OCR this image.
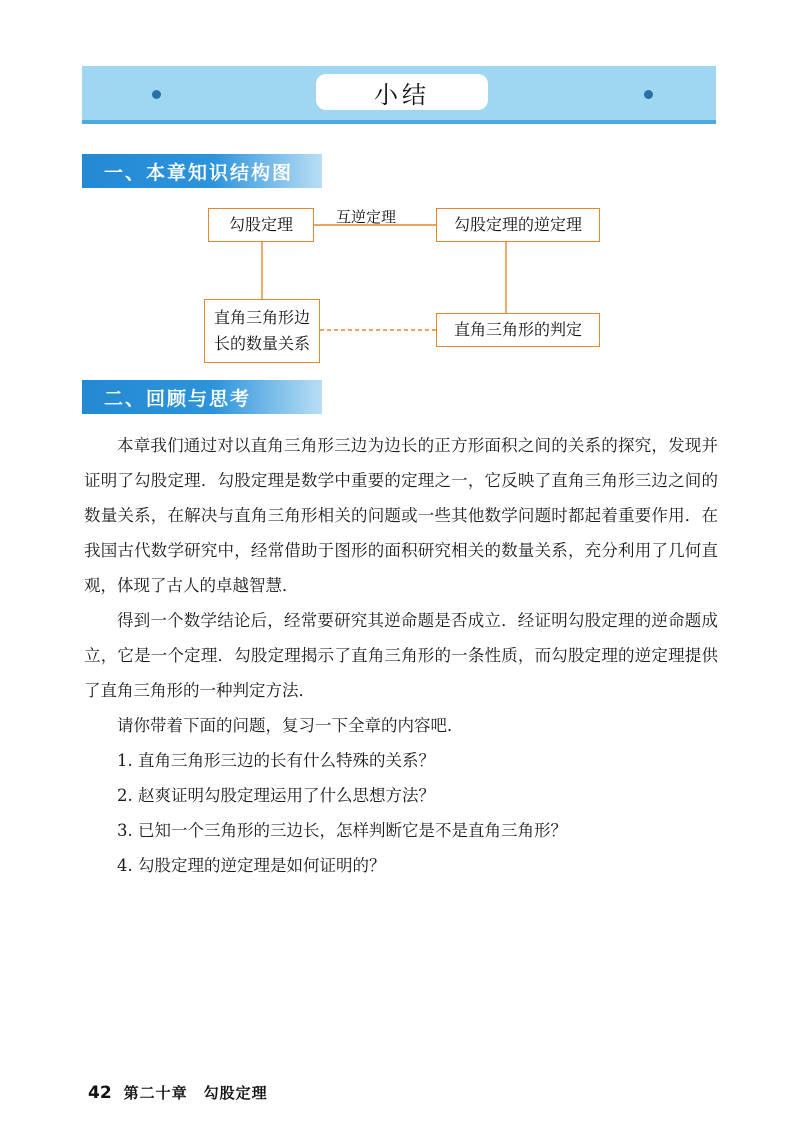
小结
一、本章知识结构图
勾股定理	互逆定理	勾股定理的逆定理
直角三角形边
长的数量关系
直角三角形的判定
二、回顾与思考

本章我们通过对以直角三角形三边为边长的正方形面积之间的关系的探究，发现并证明了勾股定理．勾股定理是数学中重要的定理之一，它反映了直角三角形三边之间的数量关系，在解决与直角三角形相关的问题或一些其他数学问题时都起着重要作用．在我国古代数学研究中，经常借助于图形的面积研究相关的数量关系，充分利用了几何直观，体现了古人的卓越智慧．

得到一个数学结论后，经常要研究其逆命题是否成立．经证明勾股定理的逆命题成立，它是一个定理．勾股定理揭示了直角三角形的一条性质，而勾股定理的逆定理提供了直角三角形的一种判定方法．

请你带着下面的问题，复习一下全章的内容吧．

1. 直角三角形三边的长有什么特殊的关系？
2. 赵爽证明勾股定理运用了什么思想方法？
3. 已知一个三角形的三边长，怎样判断它是不是直角三角形？
4. 勾股定理的逆定理是如何证明的？
42 第二十章　勾股定理
